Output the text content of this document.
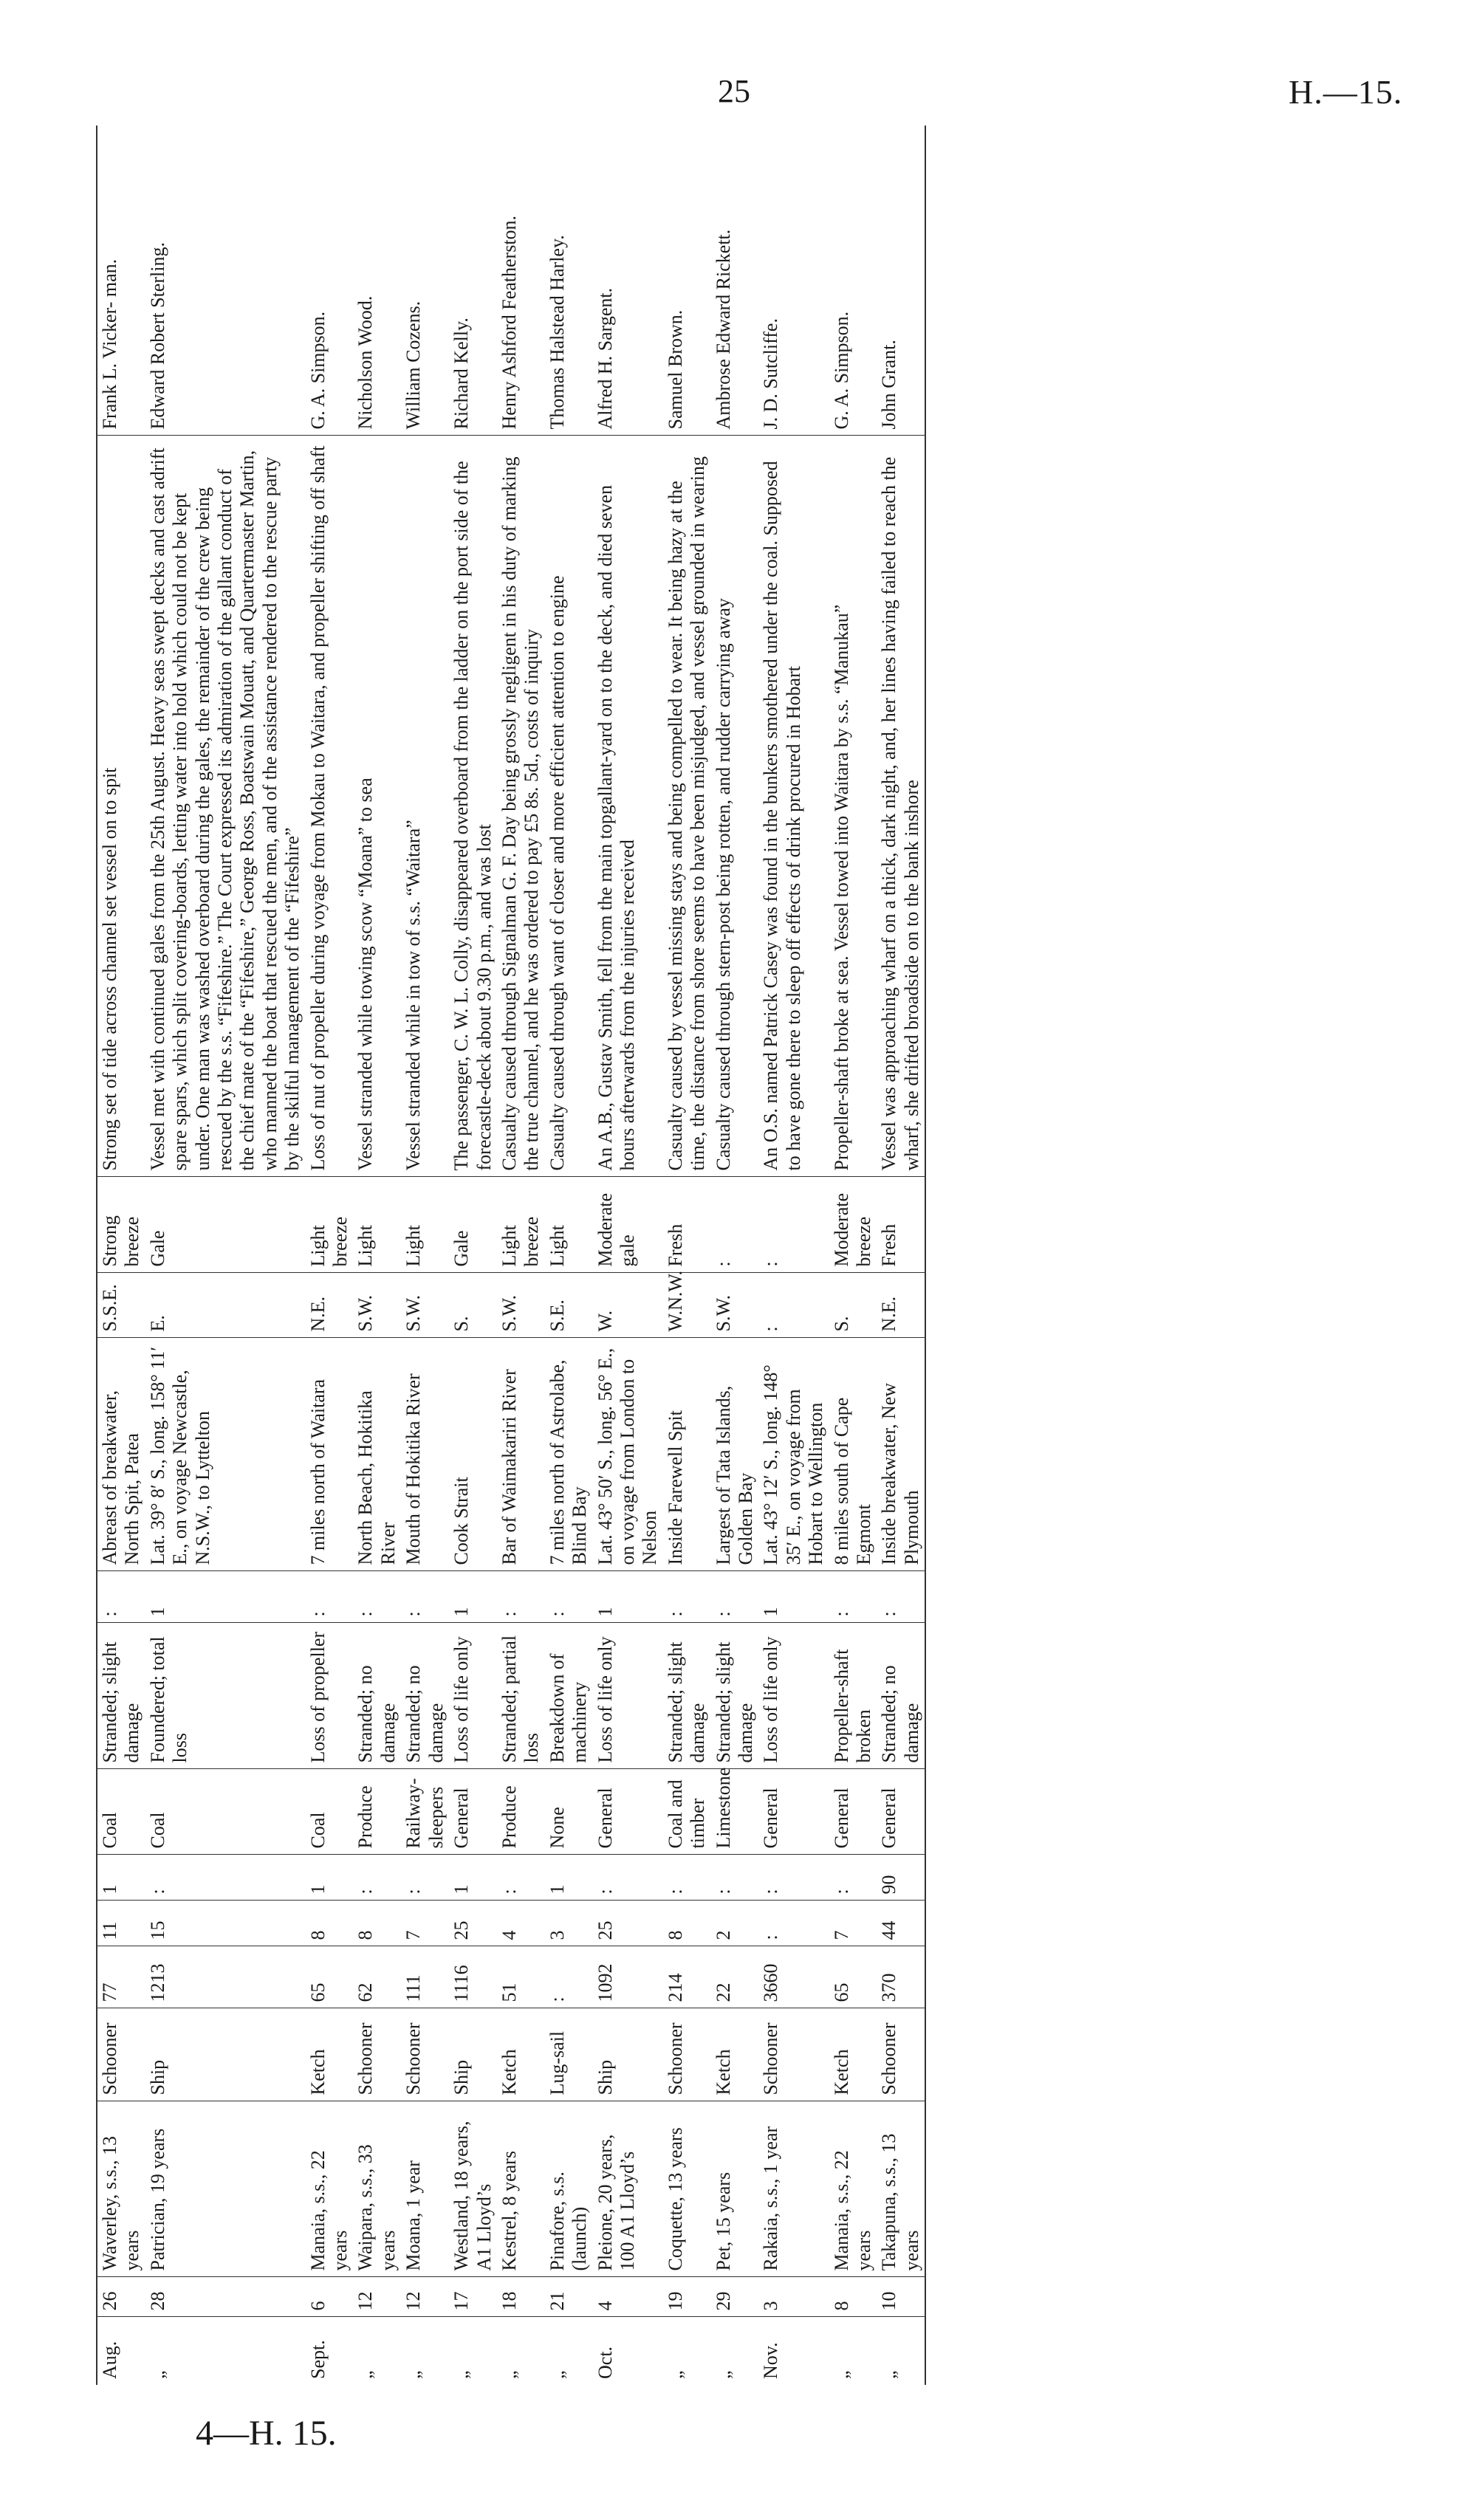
25	H.—15.
4—H. 15.
Aug.	26	Waverley, s.s., 13 years	Schooner	77	11	1	Coal	Stranded; slight damage	:	Abreast of breakwater, North Spit, Patea	S.S.E.	Strong breeze	Strong set of tide across channel set vessel on to spit	Frank L. Vicker- man.
„	28	Patrician, 19 years	Ship	1213	15	:	Coal	Foundered; total loss	1	Lat. 39° 8′ S., long. 158° 11′ E., on voyage Newcastle, N.S.W., to Lyttelton	E.	Gale	Vessel met with continued gales from the 25th August. Heavy seas swept decks and cast adrift spare spars, which split covering-boards, letting water into hold which could not be kept under. One man was washed overboard during the gales, the remainder of the crew being rescued by the s.s. “Fifeshire.” The Court expressed its admiration of the gallant conduct of the chief mate of the “Fifeshire,” George Ross, Boatswain Mouatt, and Quartermaster Martin, who manned the boat that rescued the men, and of the assistance rendered to the rescue party by the skilful management of the “Fifeshire”	Edward Robert Sterling.
Sept.	6	Manaia, s.s., 22 years	Ketch	65	8	1	Coal	Loss of propeller	:	7 miles north of Waitara	N.E.	Light breeze	Loss of nut of propeller during voyage from Mokau to Waitara, and propeller shifting off shaft	G. A. Simpson.
„	12	Waipara, s.s., 33 years	Schooner	62	8	:	Produce	Stranded; no damage	:	North Beach, Hokitika River	S.W.	Light	Vessel stranded while towing scow “Moana” to sea	Nicholson Wood.
„	12	Moana, 1 year	Schooner	111	7	:	Railway-sleepers	Stranded; no damage	:	Mouth of Hokitika River	S.W.	Light	Vessel stranded while in tow of s.s. “Waitara”	William Cozens.
„	17	Westland, 18 years, A1 Lloyd’s	Ship	1116	25	1	General	Loss of life only	1	Cook Strait	S.	Gale	The passenger, C. W. L. Colly, disappeared overboard from the ladder on the port side of the forecastle-deck about 9.30 p.m., and was lost	Richard Kelly.
„	18	Kestrel, 8 years	Ketch	51	4	:	Produce	Stranded; partial loss	:	Bar of Waimakariri River	S.W.	Light breeze	Casualty caused through Signalman G. F. Day being grossly negligent in his duty of marking the true channel, and he was ordered to pay £5 8s. 5d., costs of inquiry	Henry Ashford Featherston.
„	21	Pinafore, s.s. (launch)	Lug-sail	:	3	1	None	Breakdown of machinery	:	7 miles north of Astrolabe, Blind Bay	S.E.	Light	Casualty caused through want of closer and more efficient attention to engine	Thomas Halstead Harley.
Oct.	4	Pleione, 20 years, 100 A1 Lloyd’s	Ship	1092	25	:	General	Loss of life only	1	Lat. 43° 50′ S., long. 56° E., on voyage from London to Nelson	W.	Moderate gale	An A.B., Gustav Smith, fell from the main topgallant-yard on to the deck, and died seven hours afterwards from the injuries received	Alfred H. Sargent.
„	19	Coquette, 13 years	Schooner	214	8	:	Coal and timber	Stranded; slight damage	:	Inside Farewell Spit	W.N.W.	Fresh	Casualty caused by vessel missing stays and being compelled to wear. It being hazy at the time, the distance from shore seems to have been misjudged, and vessel grounded in wearing	Samuel Brown.
„	29	Pet, 15 years	Ketch	22	2	:	Limestone	Stranded; slight damage	:	Largest of Tata Islands, Golden Bay	S.W.	:	Casualty caused through stern-post being rotten, and rudder carrying away	Ambrose Edward Rickett.
Nov.	3	Rakaia, s.s., 1 year	Schooner	3660	:	:	General	Loss of life only	1	Lat. 43° 12′ S., long. 148° 35′ E., on voyage from Hobart to Wellington	:	:	An O.S. named Patrick Casey was found in the bunkers smothered under the coal. Supposed to have gone there to sleep off effects of drink procured in Hobart	J. D. Sutcliffe.
„	8	Manaia, s.s., 22 years	Ketch	65	7	:	General	Propeller-shaft broken	:	8 miles south of Cape Egmont	S.	Moderate breeze	Propeller-shaft broke at sea. Vessel towed into Waitara by s.s. “Manukau”	G. A. Simpson.
„	10	Takapuna, s.s., 13 years	Schooner	370	44	90	General	Stranded; no damage	:	Inside breakwater, New Plymouth	N.E.	Fresh	Vessel was approaching wharf on a thick, dark night, and, her lines having failed to reach the wharf, she drifted broadside on to the bank inshore	John Grant.
